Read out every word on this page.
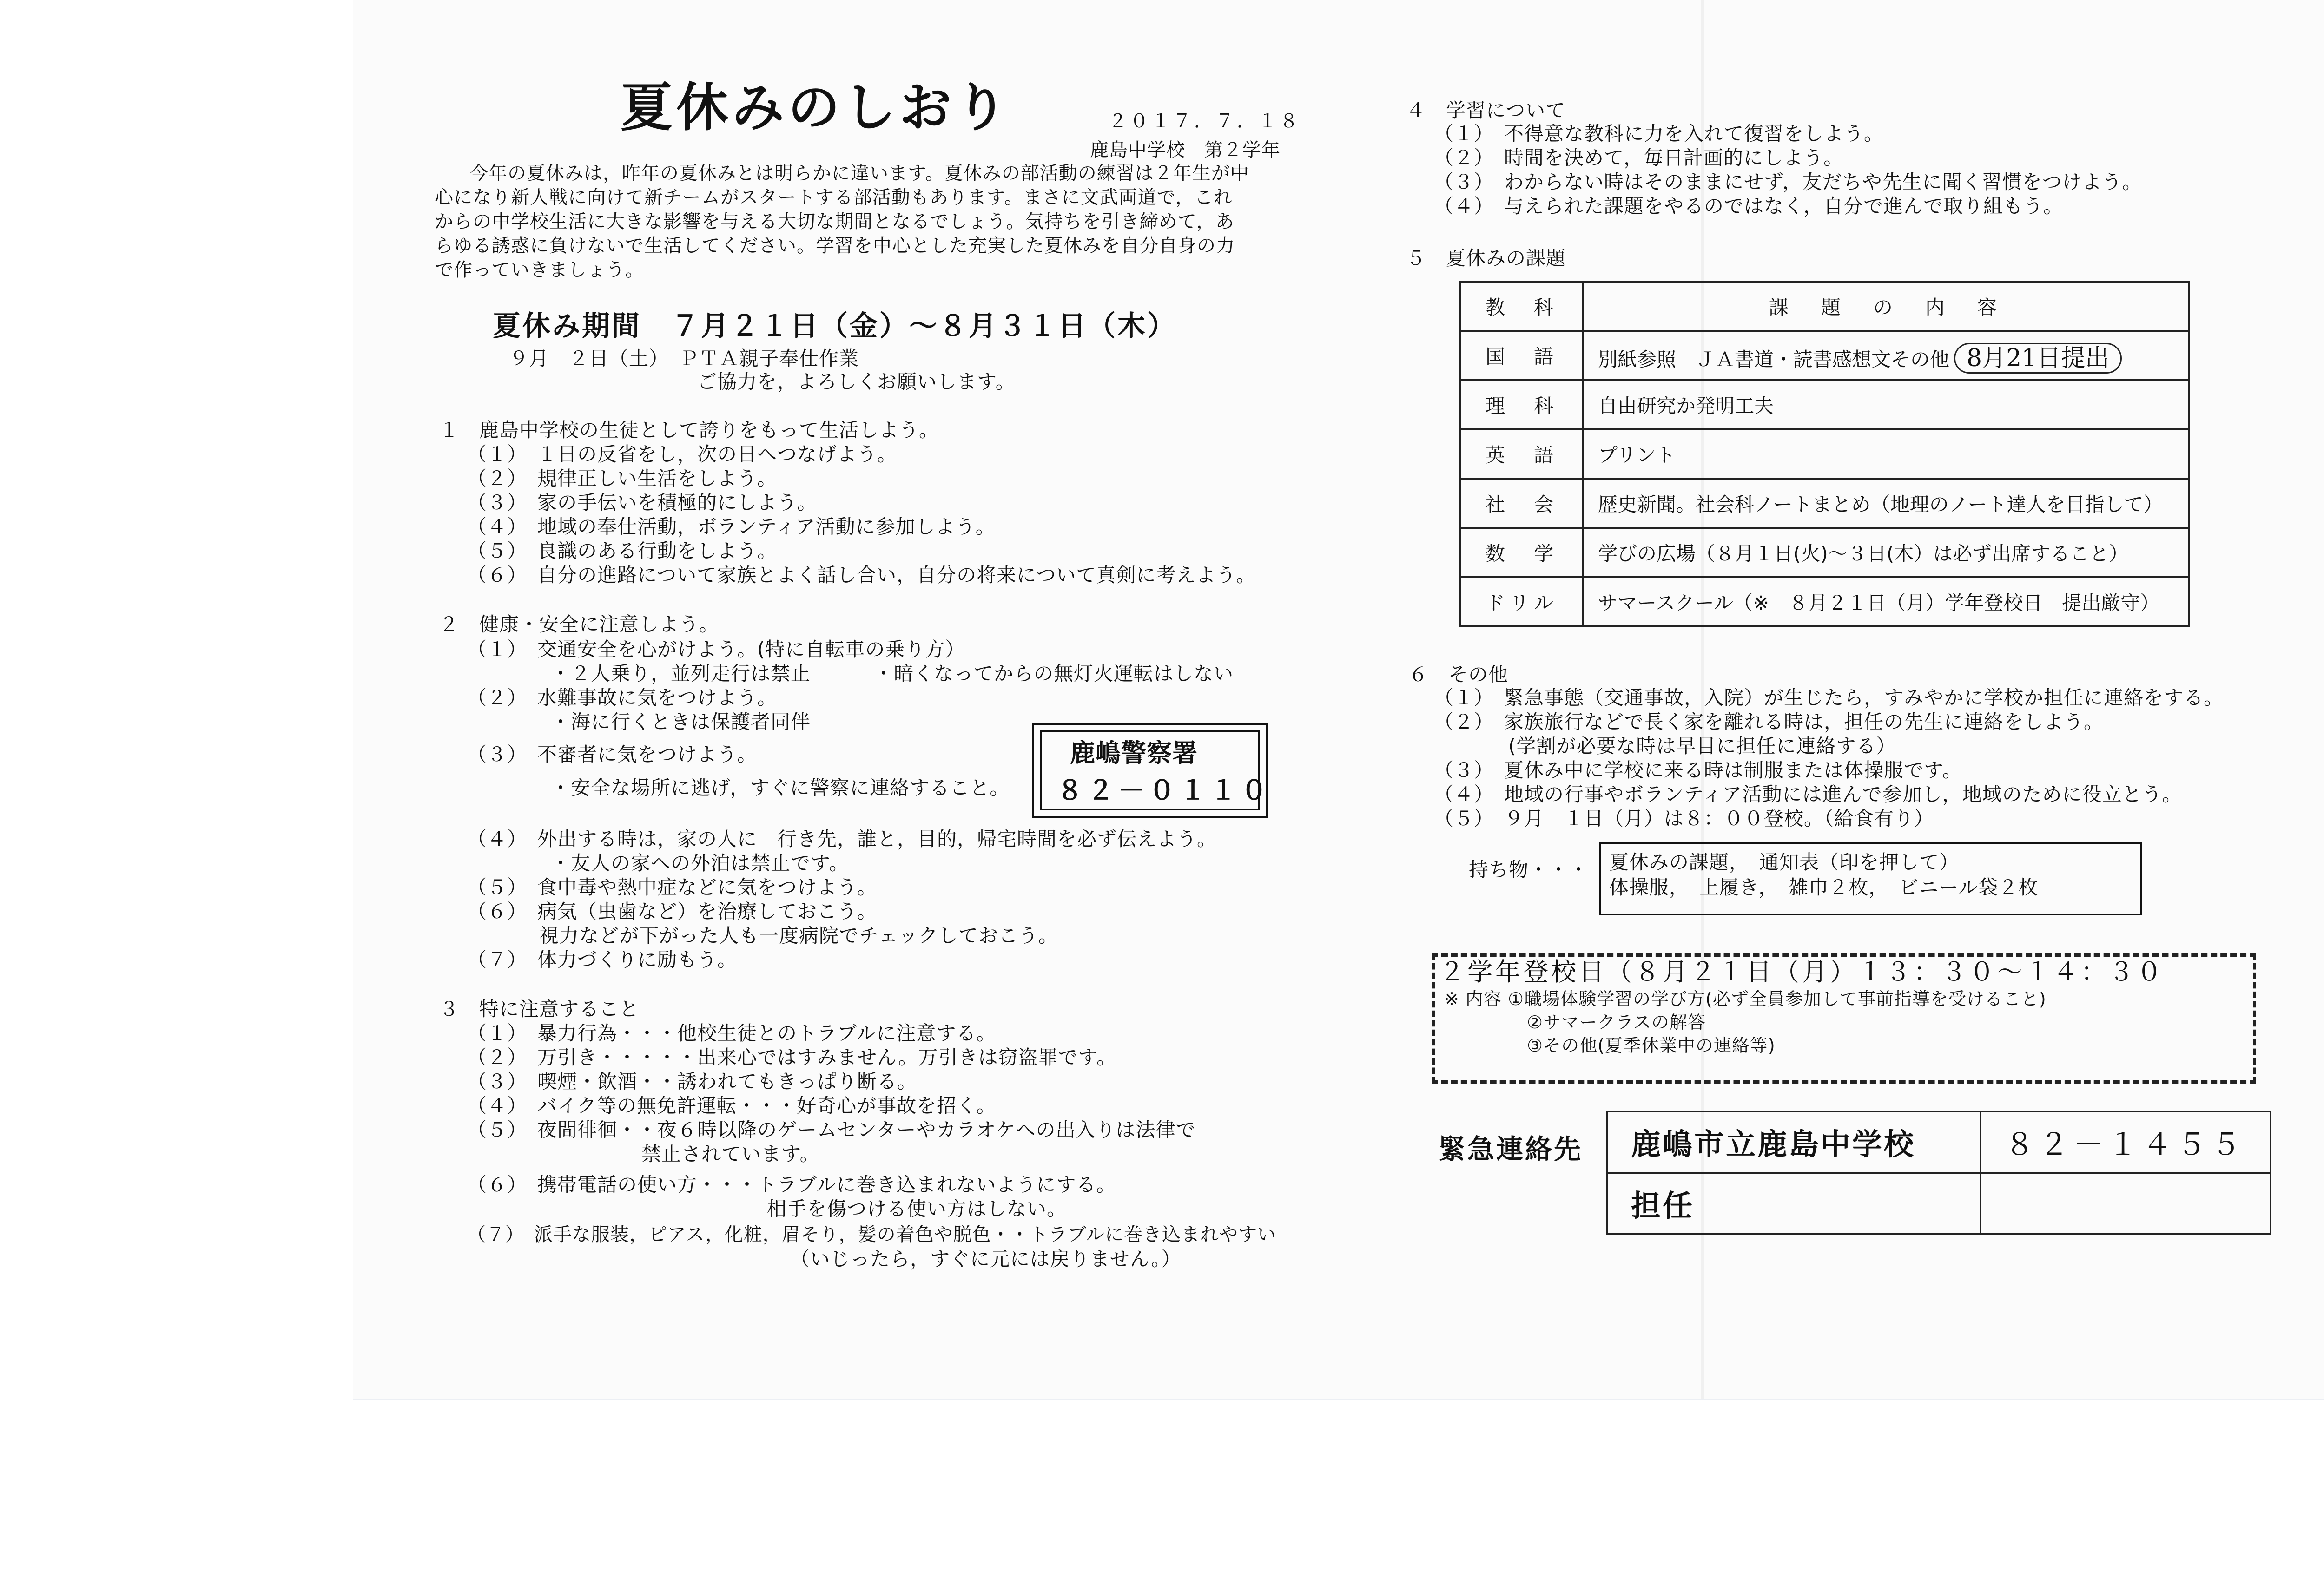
夏休みのしおり	２０１７．７．１８
鹿島中学校　第２学年
今年の夏休みは，昨年の夏休みとは明らかに違います。夏休みの部活動の練習は２年生が中
心になり新人戦に向けて新チームがスタートする部活動もあります。まさに文武両道で，これ
からの中学校生活に大きな影響を与える大切な期間となるでしょう。気持ちを引き締めて，あ
らゆる誘惑に負けないで生活してください。学習を中心とした充実した夏休みを自分自身の力
で作っていきましょう。
夏休み期間　７月２１日（金）～８月３１日（木）
９月　２日（土）　ＰＴＡ親子奉仕作業
ご協力を，よろしくお願いします。
１　鹿島中学校の生徒として誇りをもって生活しよう。
（１）　１日の反省をし，次の日へつなげよう。
（２）　規律正しい生活をしよう。
（３）　家の手伝いを積極的にしよう。
（４）　地域の奉仕活動，ボランティア活動に参加しよう。
（５）　良識のある行動をしよう。
（６）　自分の進路について家族とよく話し合い，自分の将来について真剣に考えよう。
２　健康・安全に注意しよう。
（１）　交通安全を心がけよう。(特に自転車の乗り方）
・２人乗り，並列走行は禁止	・暗くなってからの無灯火運転はしない
（２）　水難事故に気をつけよう。
・海に行くときは保護者同伴
（３）　不審者に気をつけよう。
・安全な場所に逃げ，すぐに警察に連絡すること。
（４）　外出する時は，家の人に　行き先，誰と，目的，帰宅時間を必ず伝えよう。
・友人の家への外泊は禁止です。
（５）　食中毒や熱中症などに気をつけよう。
（６）　病気（虫歯など）を治療しておこう。
視力などが下がった人も一度病院でチェックしておこう。
（７）　体力づくりに励もう。
鹿嶋警察署
８２－０１１０
３　特に注意すること
（１）　暴力行為・・・他校生徒とのトラブルに注意する。
（２）　万引き・・・・・出来心ではすみません。万引きは窃盗罪です。
（３）　喫煙・飲酒・・誘われてもきっぱり断る。
（４）　バイク等の無免許運転・・・好奇心が事故を招く。
（５）　夜間徘徊・・夜６時以降のゲームセンターやカラオケへの出入りは法律で
禁止されています。
（６）　携帯電話の使い方・・・トラブルに巻き込まれないようにする。
相手を傷つける使い方はしない。
（７）　派手な服装，ピアス，化粧，眉そり，髪の着色や脱色・・トラブルに巻き込まれやすい
（いじったら，すぐに元には戻りません。）
４　学習について
（１）　不得意な教科に力を入れて復習をしよう。
（２）　時間を決めて，毎日計画的にしよう。
（３）　わからない時はそのままにせず，友だちや先生に聞く習慣をつけよう。
（４）　与えられた課題をやるのではなく，自分で進んで取り組もう。
５　夏休みの課題
教　科	課　題　の　内　容
国　語	別紙参照　ＪＡ書道・読書感想文その他 8月21日提出
理　科	自由研究か発明工夫
英　語	プリント
社　会	歴史新聞。社会科ノートまとめ（地理のノート達人を目指して）
数　学	学びの広場（８月１日(火)～３日(木）は必ず出席すること）
ドリル	サマースクール（※　８月２１日（月）学年登校日　提出厳守）
６　その他
（１）　緊急事態（交通事故，入院）が生じたら，すみやかに学校か担任に連絡をする。
（２）　家族旅行などで長く家を離れる時は，担任の先生に連絡をしよう。
(学割が必要な時は早目に担任に連絡する）
（３）　夏休み中に学校に来る時は制服または体操服です。
（４）　地域の行事やボランティア活動には進んで参加し，地域のために役立とう。
（５）　９月　１日（月）は８：００登校。（給食有り）
持ち物・・・ 夏休みの課題，　通知表（印を押して）
体操服，　上履き，　雑巾２枚，　ビニール袋２枚
２学年登校日（８月２１日（月）１３：３０～１４：３０
※ 内容 ①職場体験学習の学び方(必ず全員参加して事前指導を受けること)
②サマークラスの解答
③その他(夏季休業中の連絡等)
緊急連絡先 鹿嶋市立鹿島中学校	８２－１４５５
担任	
